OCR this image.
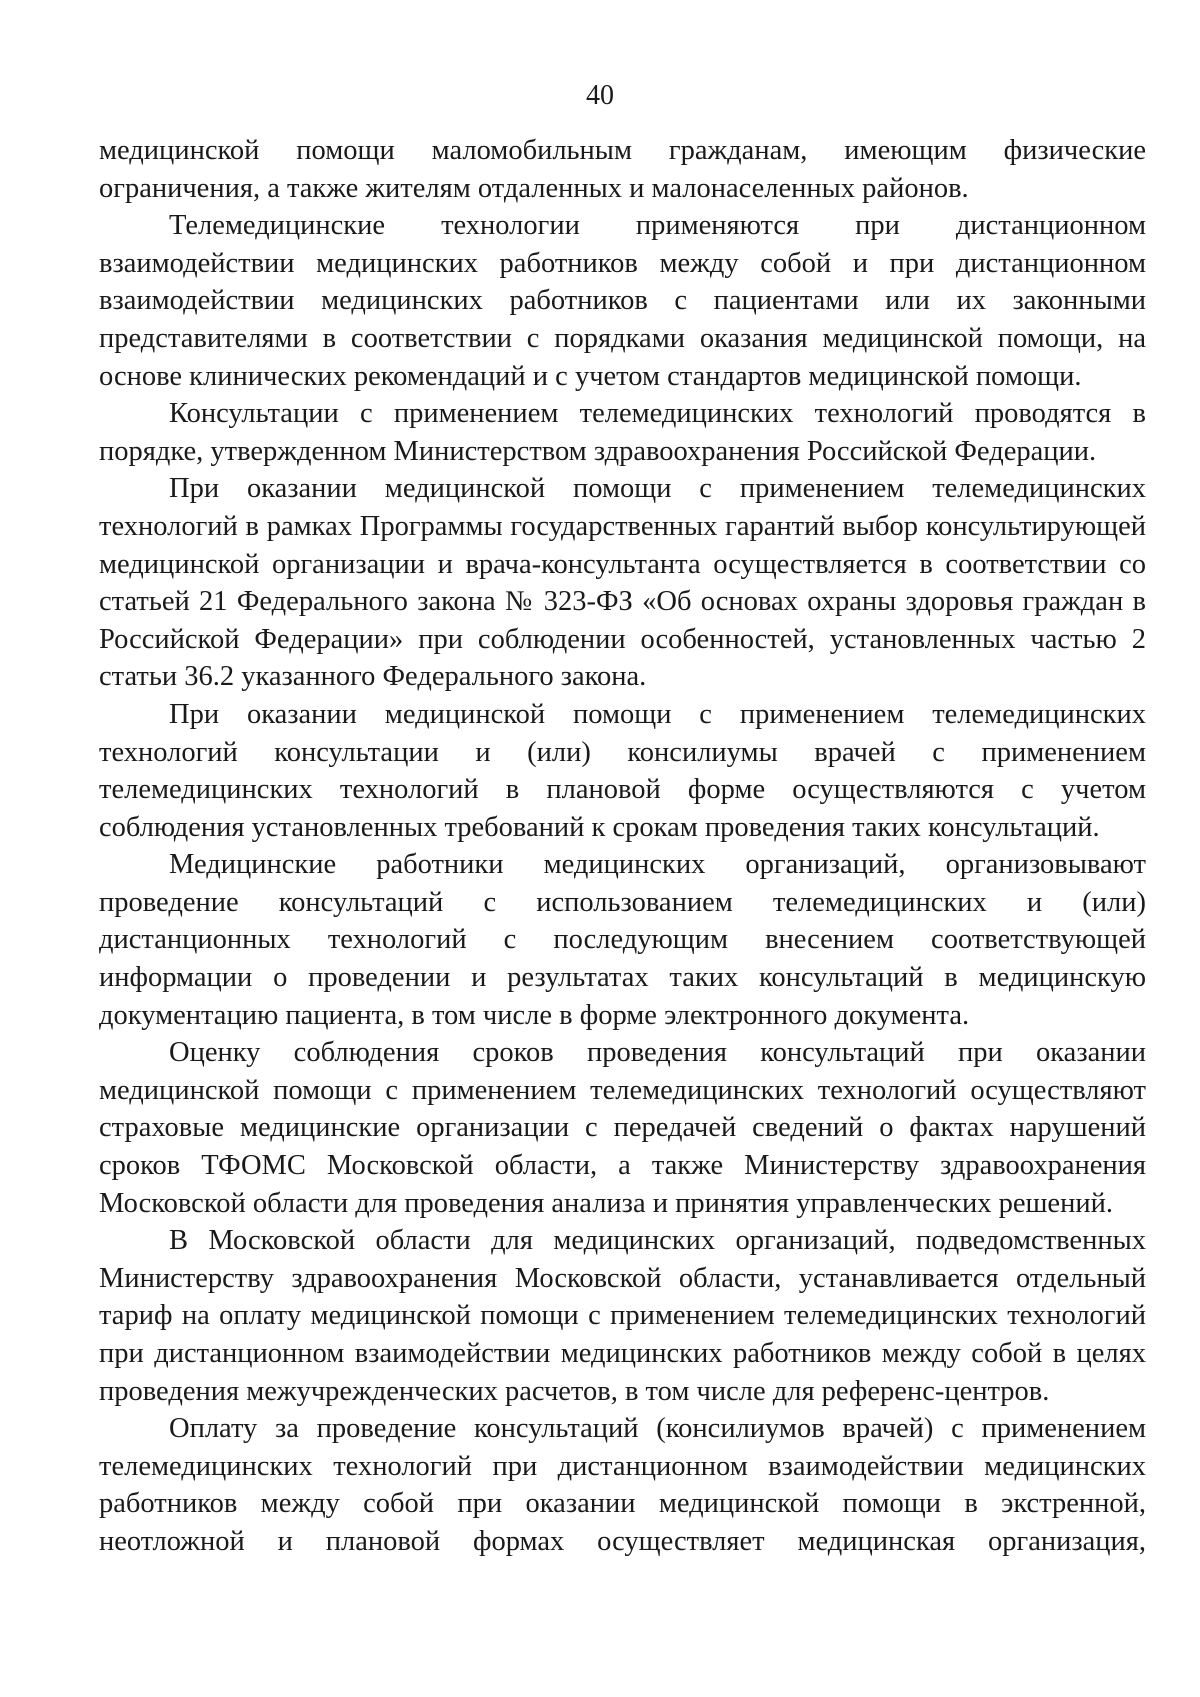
40

медицинской помощи маломобильным гражданам, имеющим физические ограничения, а также жителям отдаленных и малонаселенных районов.

Телемедицинские технологии применяются при дистанционном взаимодействии медицинских работников между собой и при дистанционном взаимодействии медицинских работников с пациентами или их законными представителями в соответствии с порядками оказания медицинской помощи, на основе клинических рекомендаций и с учетом стандартов медицинской помощи.

Консультации с применением телемедицинских технологий проводятся в порядке, утвержденном Министерством здравоохранения Российской Федерации.

При оказании медицинской помощи с применением телемедицинских технологий в рамках Программы государственных гарантий выбор консультирующей медицинской организации и врача-консультанта осуществляется в соответствии со статьей 21 Федерального закона № 323-ФЗ «Об основах охраны здоровья граждан в Российской Федерации» при соблюдении особенностей, установленных частью 2 статьи 36.2 указанного Федерального закона.

При оказании медицинской помощи с применением телемедицинских технологий консультации и (или) консилиумы врачей с применением телемедицинских технологий в плановой форме осуществляются с учетом соблюдения установленных требований к срокам проведения таких консультаций.

Медицинские работники медицинских организаций, организовывают проведение консультаций с использованием телемедицинских и (или) дистанционных технологий с последующим внесением соответствующей информации о проведении и результатах таких консультаций в медицинскую документацию пациента, в том числе в форме электронного документа.

Оценку соблюдения сроков проведения консультаций при оказании медицинской помощи с применением телемедицинских технологий осуществляют страховые медицинские организации с передачей сведений о фактах нарушений сроков ТФОМС Московской области, а также Министерству здравоохранения Московской области для проведения анализа и принятия управленческих решений.

В Московской области для медицинских организаций, подведомственных Министерству здравоохранения Московской области, устанавливается отдельный тариф на оплату медицинской помощи с применением телемедицинских технологий при дистанционном взаимодействии медицинских работников между собой в целях проведения межучрежденческих расчетов, в том числе для референс-центров.

Оплату за проведение консультаций (консилиумов врачей) с применением телемедицинских технологий при дистанционном взаимодействии медицинских работников между собой при оказании медицинской помощи в экстренной, неотложной и плановой формах осуществляет медицинская организация,
